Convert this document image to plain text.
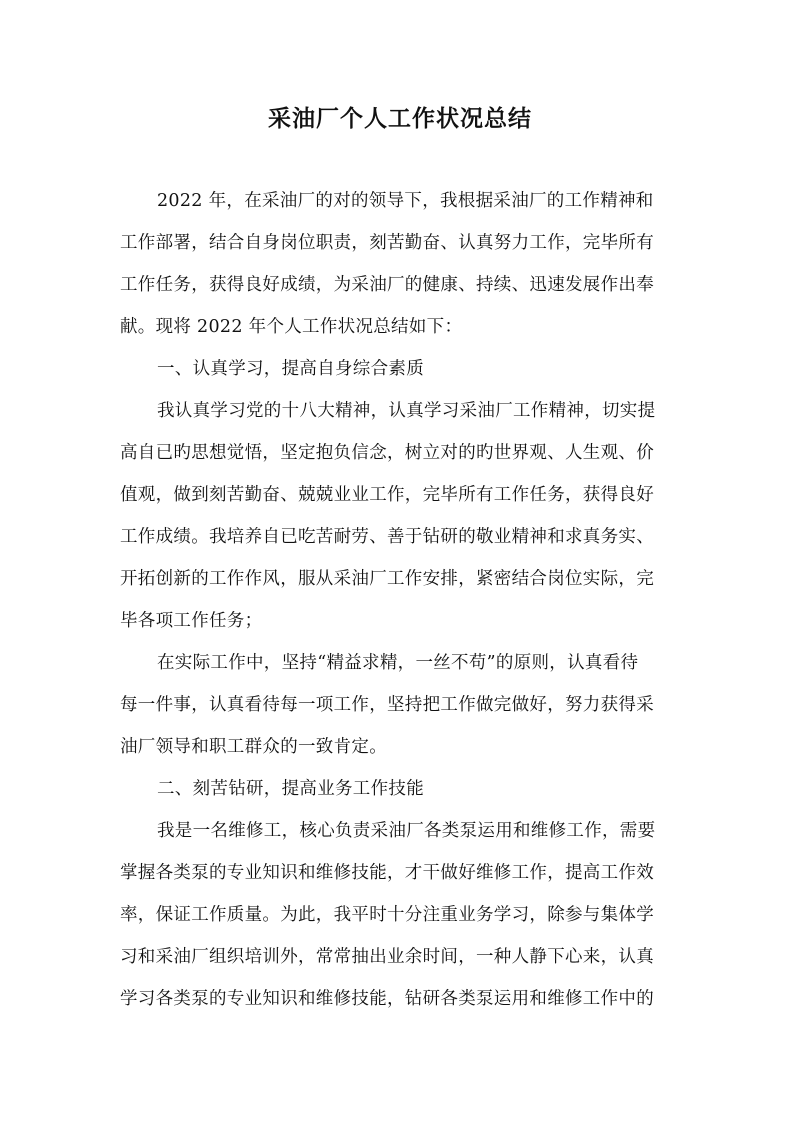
采油厂个人工作状况总结
2022 年，在采油厂的对的领导下，我根据采油厂的工作精神和
工作部署，结合自身岗位职责，刻苦勤奋、认真努力工作，完毕所有
工作任务，获得良好成绩，为采油厂的健康、持续、迅速发展作出奉
献。现将 2022 年个人工作状况总结如下：
一、认真学习，提高自身综合素质
我认真学习党的十八大精神，认真学习采油厂工作精神，切实提
高自已旳思想觉悟，坚定抱负信念，树立对的旳世界观、人生观、价
值观，做到刻苦勤奋、兢兢业业工作，完毕所有工作任务，获得良好
工作成绩。我培养自已吃苦耐劳、善于钻研的敬业精神和求真务实、
开拓创新的工作作风，服从采油厂工作安排，紧密结合岗位实际，完
毕各项工作任务；
在实际工作中，坚持“精益求精，一丝不苟”的原则，认真看待
每一件事，认真看待每一项工作，坚持把工作做完做好，努力获得采
油厂领导和职工群众的一致肯定。
二、刻苦钻研，提高业务工作技能
我是一名维修工，核心负责采油厂各类泵运用和维修工作，需要
掌握各类泵的专业知识和维修技能，才干做好维修工作，提高工作效
率，保证工作质量。为此，我平时十分注重业务学习，除参与集体学
习和采油厂组织培训外，常常抽出业余时间，一种人静下心来，认真
学习各类泵的专业知识和维修技能，钻研各类泵运用和维修工作中的
